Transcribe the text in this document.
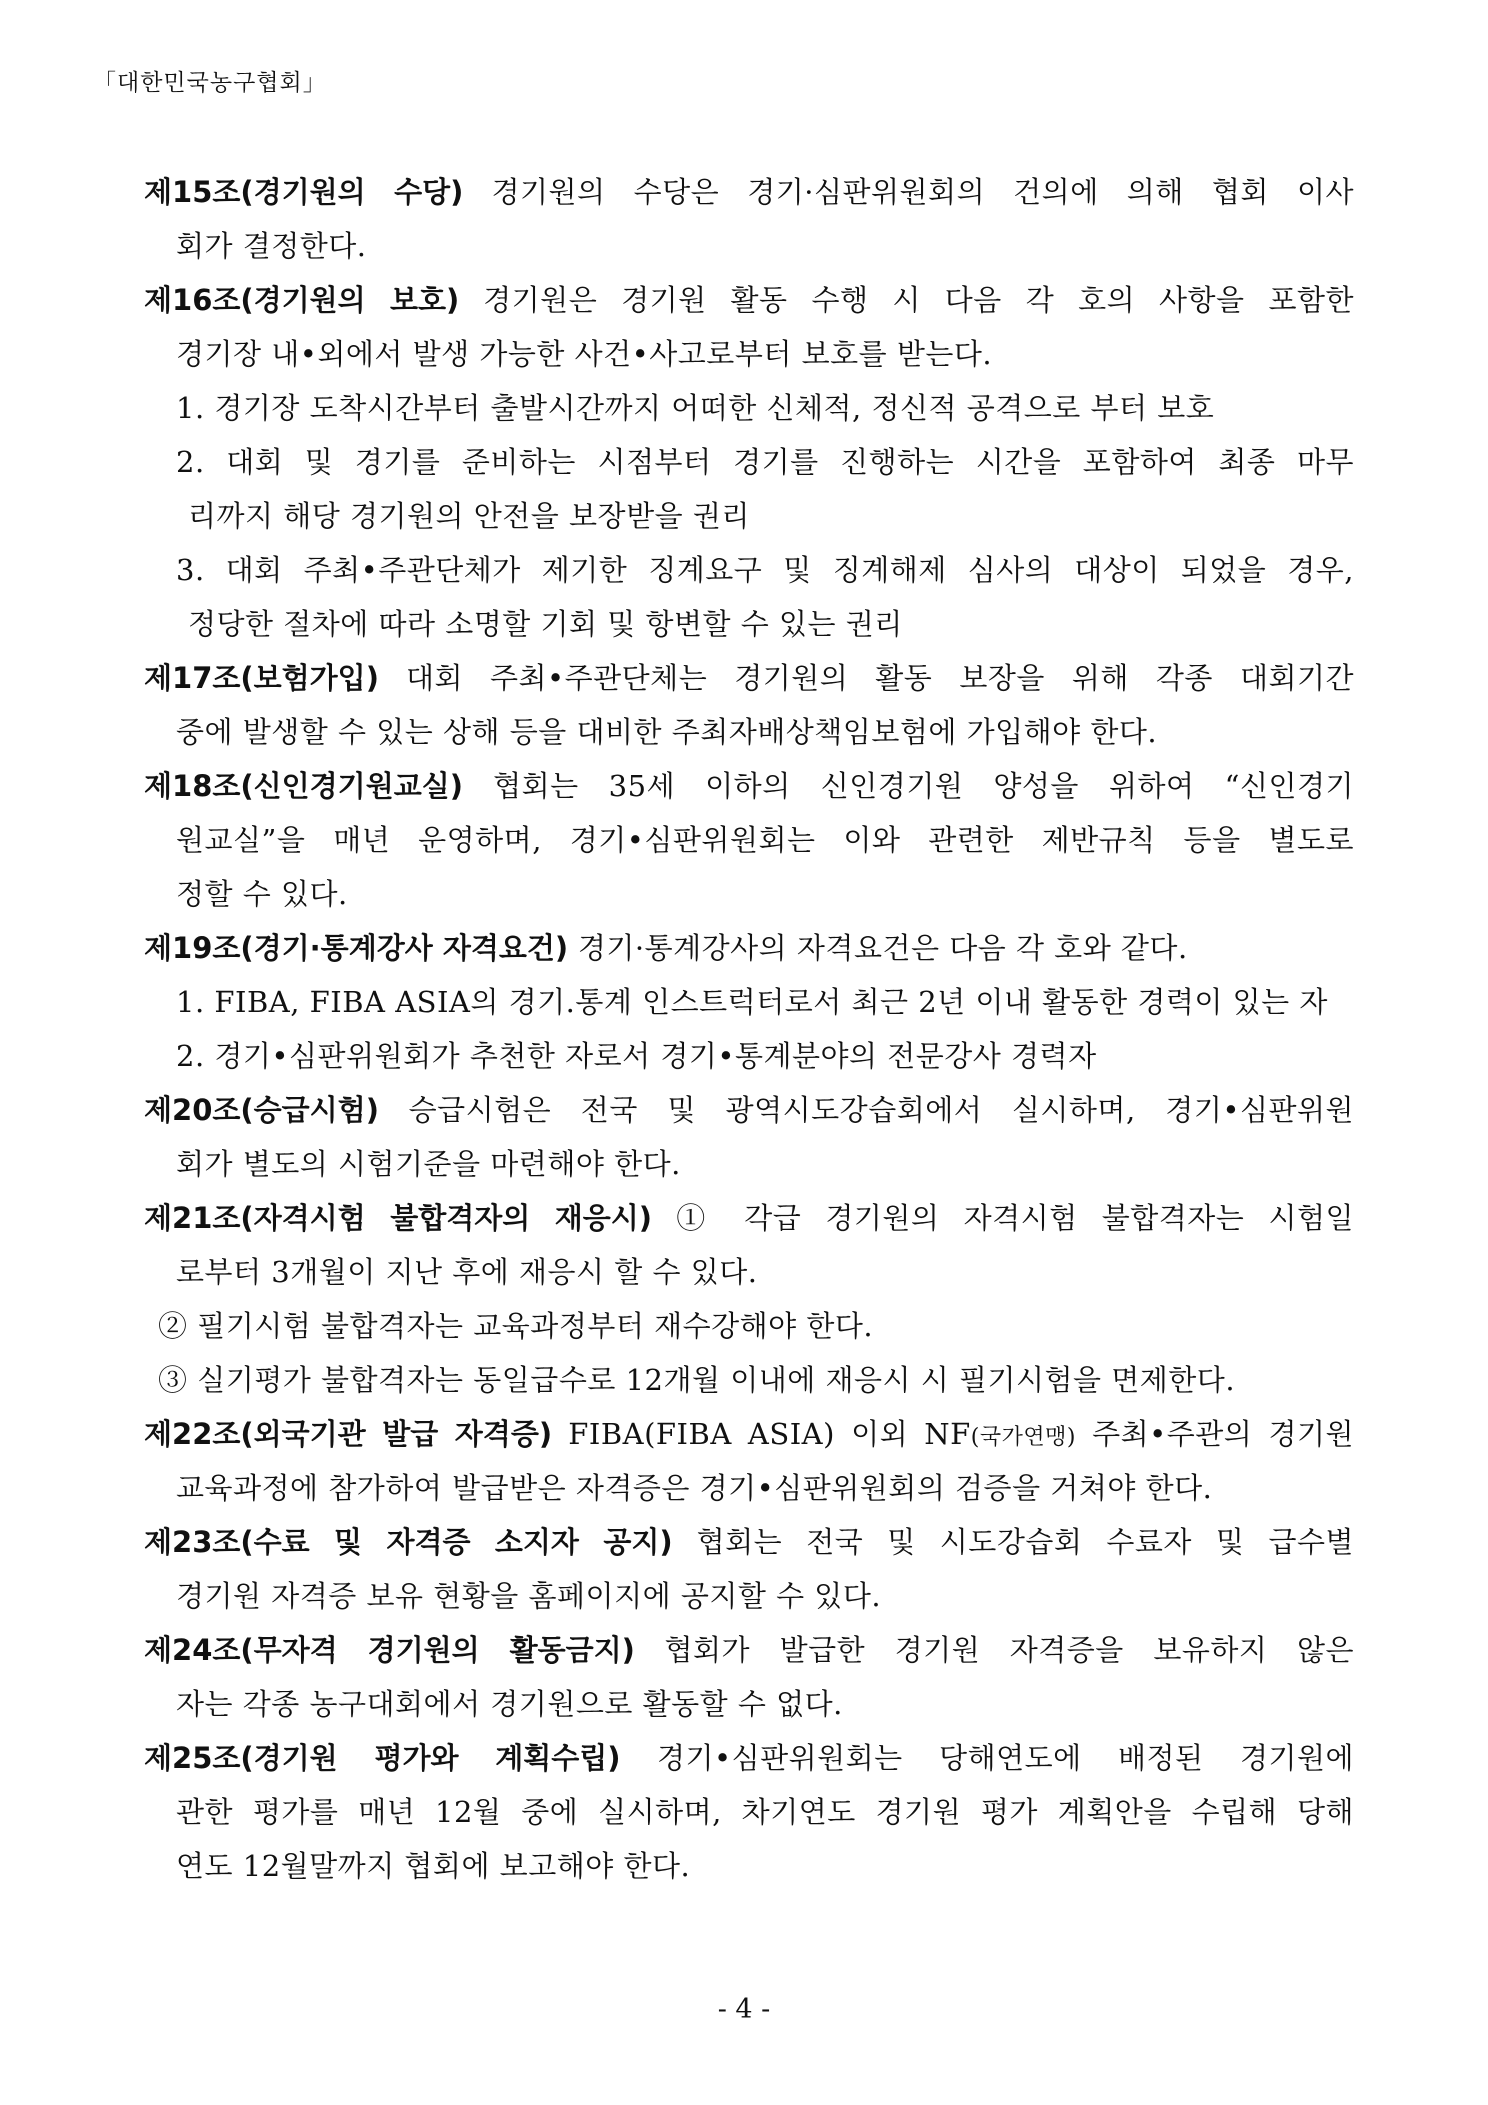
「대한민국농구협회」
제15조(경기원의 수당) 경기원의 수당은 경기·심판위원회의 건의에 의해 협회 이사
회가 결정한다.
제16조(경기원의 보호) 경기원은 경기원 활동 수행 시 다음 각 호의 사항을 포함한
경기장 내•외에서 발생 가능한 사건•사고로부터 보호를 받는다.
1. 경기장 도착시간부터 출발시간까지 어떠한 신체적, 정신적 공격으로 부터 보호
2. 대회 및 경기를 준비하는 시점부터 경기를 진행하는 시간을 포함하여 최종 마무
리까지 해당 경기원의 안전을 보장받을 권리
3. 대회 주최•주관단체가 제기한 징계요구 및 징계해제 심사의 대상이 되었을 경우,
정당한 절차에 따라 소명할 기회 및 항변할 수 있는 권리
제17조(보험가입) 대회 주최•주관단체는 경기원의 활동 보장을 위해 각종 대회기간
중에 발생할 수 있는 상해 등을 대비한 주최자배상책임보험에 가입해야 한다.
제18조(신인경기원교실) 협회는 35세 이하의 신인경기원 양성을 위하여 “신인경기
원교실”을 매년 운영하며, 경기•심판위원회는 이와 관련한 제반규칙 등을 별도로
정할 수 있다.
제19조(경기·통계강사 자격요건) 경기·통계강사의 자격요건은 다음 각 호와 같다.
1. FIBA, FIBA ASIA의 경기.통계 인스트럭터로서 최근 2년 이내 활동한 경력이 있는 자
2. 경기•심판위원회가 추천한 자로서 경기•통계분야의 전문강사 경력자
제20조(승급시험) 승급시험은 전국 및 광역시도강습회에서 실시하며, 경기•심판위원
회가 별도의 시험기준을 마련해야 한다.
제21조(자격시험 불합격자의 재응시) ① 각급 경기원의 자격시험 불합격자는 시험일
로부터 3개월이 지난 후에 재응시 할 수 있다.
② 필기시험 불합격자는 교육과정부터 재수강해야 한다.
③ 실기평가 불합격자는 동일급수로 12개월 이내에 재응시 시 필기시험을 면제한다.
제22조(외국기관 발급 자격증) FIBA(FIBA ASIA) 이외 NF(국가연맹) 주최•주관의 경기원
교육과정에 참가하여 발급받은 자격증은 경기•심판위원회의 검증을 거쳐야 한다.
제23조(수료 및 자격증 소지자 공지) 협회는 전국 및 시도강습회 수료자 및 급수별
경기원 자격증 보유 현황을 홈페이지에 공지할 수 있다.
제24조(무자격 경기원의 활동금지) 협회가 발급한 경기원 자격증을 보유하지 않은
자는 각종 농구대회에서 경기원으로 활동할 수 없다.
제25조(경기원 평가와 계획수립) 경기•심판위원회는 당해연도에 배정된 경기원에
관한 평가를 매년 12월 중에 실시하며, 차기연도 경기원 평가 계획안을 수립해 당해
연도 12월말까지 협회에 보고해야 한다.
- 4 -
